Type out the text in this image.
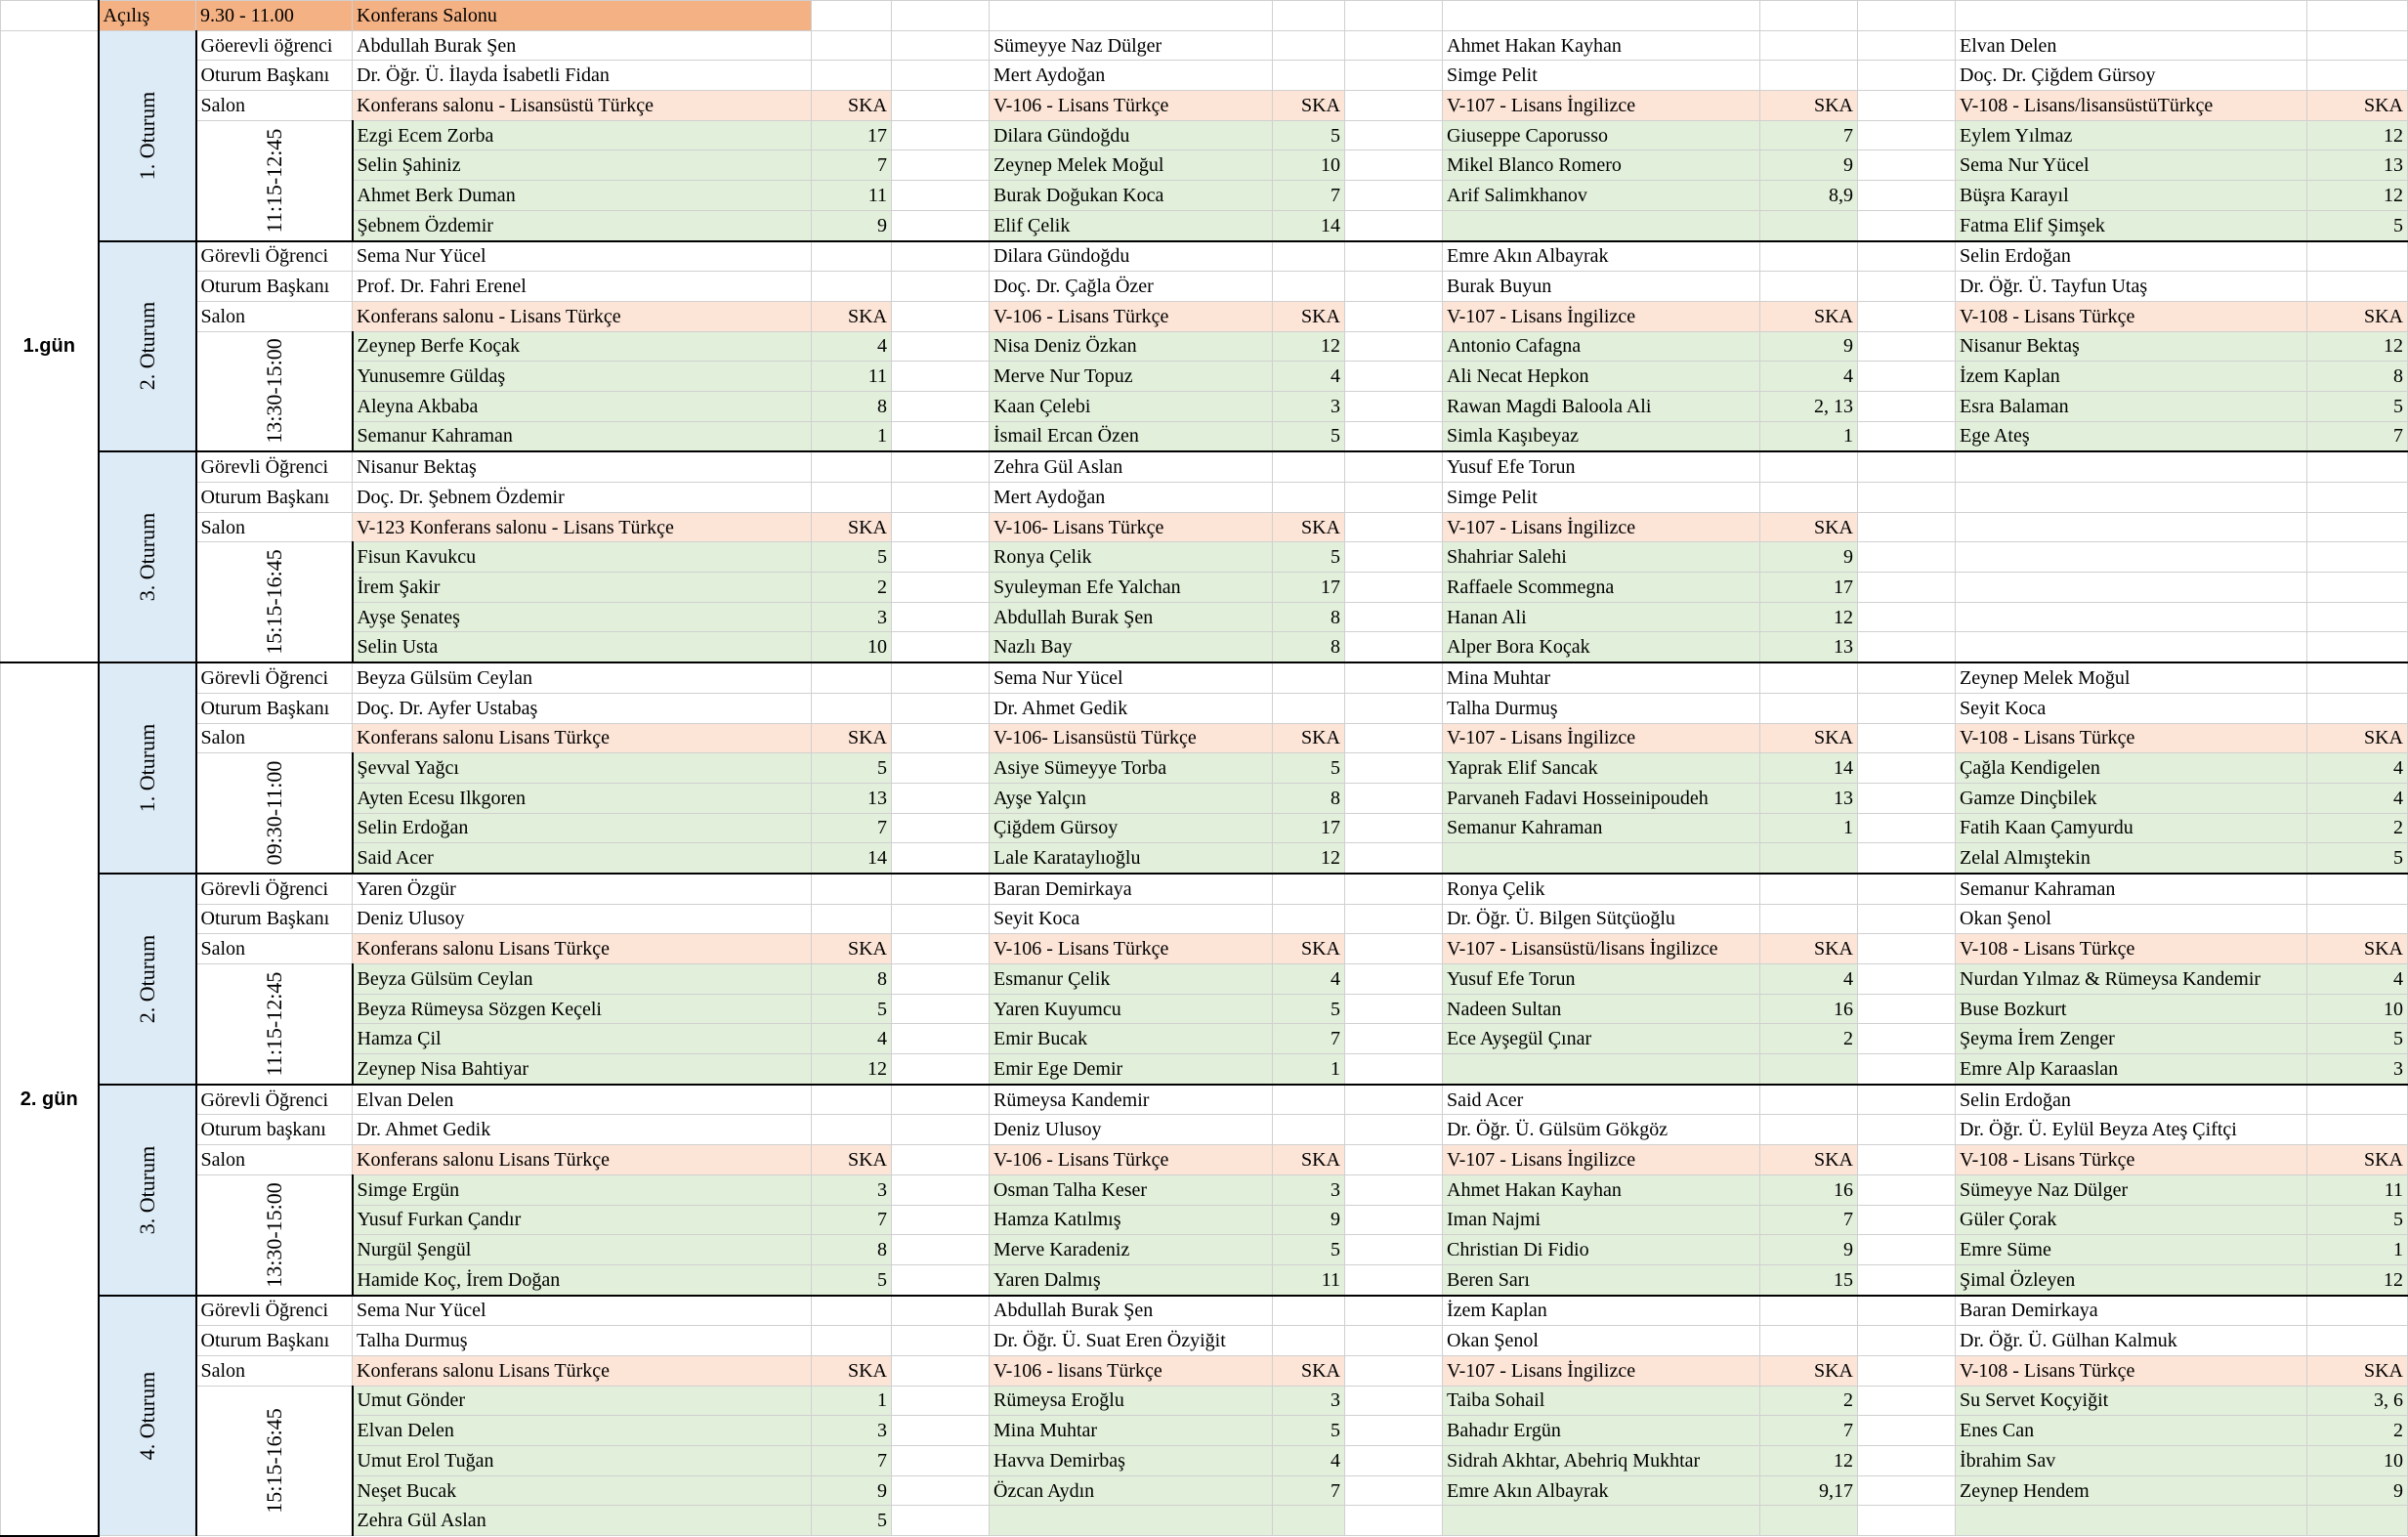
	Açılış	9.30 - 11.00	Konferans Salonu										
1.gün	1. Oturum	Göerevli öğrenci	Abdullah Burak Şen			Sümeyye Naz Dülger			Ahmet Hakan Kayhan			Elvan Delen	
		Oturum Başkanı	Dr. Öğr. Ü. İlayda İsabetli Fidan			Mert Aydoğan			Simge Pelit			Doç. Dr. Çiğdem Gürsoy	
		Salon	Konferans salonu - Lisansüstü Türkçe	SKA		V-106 - Lisans Türkçe	SKA		V-107 - Lisans İngilizce	SKA		V-108 - Lisans/lisansüstüTürkçe	SKA

		11:15-12:45	Ezgi Ecem Zorba	17		Dilara Gündoğdu	5		Giuseppe Caporusso	7		Eylem Yılmaz	12
			Selin Şahiniz	7		Zeynep Melek Moğul	10		Mikel Blanco Romero	9		Sema Nur Yücel	13
			Ahmet Berk Duman	11		Burak Doğukan Koca	7		Arif Salimkhanov	8,9		Büşra Karayıl	12
			Şebnem Özdemir	9		Elif Çelik	14					Fatma Elif Şimşek	5

	2. Oturum	Görevli Öğrenci	Sema Nur Yücel			Dilara Gündoğdu			Emre Akın Albayrak			Selin Erdoğan	
		Oturum Başkanı	Prof. Dr. Fahri Erenel			Doç. Dr. Çağla Özer			Burak Buyun			Dr. Öğr. Ü. Tayfun Utaş	
		Salon	Konferans salonu - Lisans Türkçe	SKA		V-106 - Lisans Türkçe	SKA		V-107 - Lisans İngilizce	SKA		V-108 - Lisans Türkçe	SKA

		13:30-15:00	Zeynep Berfe Koçak	4		Nisa Deniz Özkan	12		Antonio Cafagna	9		Nisanur Bektaş	12
			Yunusemre Güldaş	11		Merve Nur Topuz	4		Ali Necat Hepkon	4		İzem Kaplan	8
			Aleyna Akbaba	8		Kaan Çelebi	3		Rawan Magdi Baloola Ali	2, 13		Esra Balaman	5
			Semanur Kahraman	1		İsmail Ercan Özen	5		Simla Kaşıbeyaz	1		Ege Ateş	7

	3. Oturum	Görevli Öğrenci	Nisanur Bektaş			Zehra Gül Aslan			Yusuf Efe Torun				
		Oturum Başkanı	Doç. Dr. Şebnem Özdemir			Mert Aydoğan			Simge Pelit				
		Salon	V-123 Konferans salonu - Lisans Türkçe	SKA		V-106- Lisans Türkçe	SKA		V-107 - Lisans İngilizce	SKA			

		15:15-16:45	Fisun Kavukcu	5		Ronya Çelik	5		Shahriar Salehi	9			
			İrem Şakir	2		Syuleyman Efe Yalchan	17		Raffaele Scommegna	17			
			Ayşe Şenateş	3		Abdullah Burak Şen	8		Hanan Ali	12			
			Selin Usta	10		Nazlı Bay	8		Alper Bora Koçak	13			
2. gün	1. Oturum	Görevli Öğrenci	Beyza Gülsüm Ceylan			Sema Nur Yücel			Mina Muhtar			Zeynep Melek Moğul	
		Oturum Başkanı	Doç. Dr. Ayfer Ustabaş			Dr. Ahmet Gedik			Talha Durmuş			Seyit Koca	
		Salon	Konferans salonu Lisans Türkçe	SKA		V-106- Lisansüstü Türkçe	SKA		V-107 - Lisans İngilizce	SKA		V-108 - Lisans Türkçe	SKA

		09:30-11:00	Şevval Yağcı	5		Asiye Sümeyye Torba	5		Yaprak Elif Sancak	14		Çağla Kendigelen	4
			Ayten Ecesu Ilkgoren	13		Ayşe Yalçın	8		Parvaneh Fadavi Hosseinipoudeh	13		Gamze Dinçbilek	4
			Selin Erdoğan	7		Çiğdem Gürsoy	17		Semanur Kahraman	1		Fatih Kaan Çamyurdu	2
			Said Acer	14		Lale Karataylıoğlu	12					Zelal Almıştekin	5

	2. Oturum	Görevli Öğrenci	Yaren Özgür			Baran Demirkaya			Ronya Çelik			Semanur Kahraman	
		Oturum Başkanı	Deniz Ulusoy			Seyit Koca			Dr. Öğr. Ü. Bilgen Sütçüoğlu			Okan Şenol	
		Salon	Konferans salonu Lisans Türkçe	SKA		V-106 - Lisans Türkçe	SKA		V-107 - Lisansüstü/lisans İngilizce	SKA		V-108 - Lisans Türkçe	SKA

		11:15-12:45	Beyza Gülsüm Ceylan	8		Esmanur Çelik	4		Yusuf Efe Torun	4		Nurdan Yılmaz & Rümeysa Kandemir	4
			Beyza Rümeysa Sözgen Keçeli	5		Yaren Kuyumcu	5		Nadeen Sultan	16		Buse Bozkurt	10
			Hamza Çil	4		Emir Bucak	7		Ece Ayşegül Çınar	2		Şeyma İrem Zenger	5
			Zeynep Nisa Bahtiyar	12		Emir Ege Demir	1					Emre Alp Karaaslan	3

	3. Oturum	Görevli Öğrenci	Elvan Delen			Rümeysa Kandemir			Said Acer			Selin Erdoğan	
		Oturum başkanı	Dr. Ahmet Gedik			Deniz Ulusoy			Dr. Öğr. Ü. Gülsüm Gökgöz			Dr. Öğr. Ü. Eylül Beyza Ateş Çiftçi	
		Salon	Konferans salonu Lisans Türkçe	SKA		V-106 - Lisans Türkçe	SKA		V-107 - Lisans İngilizce	SKA		V-108 - Lisans Türkçe	SKA

		13:30-15:00	Simge Ergün	3		Osman Talha Keser	3		Ahmet Hakan Kayhan	16		Sümeyye Naz Dülger	11
			Yusuf Furkan Çandır	7		Hamza Katılmış	9		Iman Najmi	7		Güler Çorak	5
			Nurgül Şengül	8		Merve Karadeniz	5		Christian Di Fidio	9		Emre Süme	1
			Hamide Koç, İrem Doğan	5		Yaren Dalmış	11		Beren Sarı	15		Şimal Özleyen	12

	4. Oturum	Görevli Öğrenci	Sema Nur Yücel			Abdullah Burak Şen			İzem Kaplan			Baran Demirkaya	
		Oturum Başkanı	Talha Durmuş			Dr. Öğr. Ü. Suat Eren Özyiğit			Okan Şenol			Dr. Öğr. Ü. Gülhan Kalmuk	
		Salon	Konferans salonu Lisans Türkçe	SKA		V-106 - lisans Türkçe	SKA		V-107 - Lisans İngilizce	SKA		V-108 - Lisans Türkçe	SKA

		15:15-16:45	Umut Gönder	1		Rümeysa Eroğlu	3		Taiba Sohail	2		Su Servet Koçyiğit	3, 6
			Elvan Delen	3		Mina Muhtar	5		Bahadır Ergün	7		Enes Can	2
			Umut Erol Tuğan	7		Havva Demirbaş	4		Sidrah Akhtar, Abehriq Mukhtar	12		İbrahim Sav	10
			Neşet Bucak	9		Özcan Aydın	7		Emre Akın Albayrak	9,17		Zeynep Hendem	9
			Zehra Gül Aslan	5									
